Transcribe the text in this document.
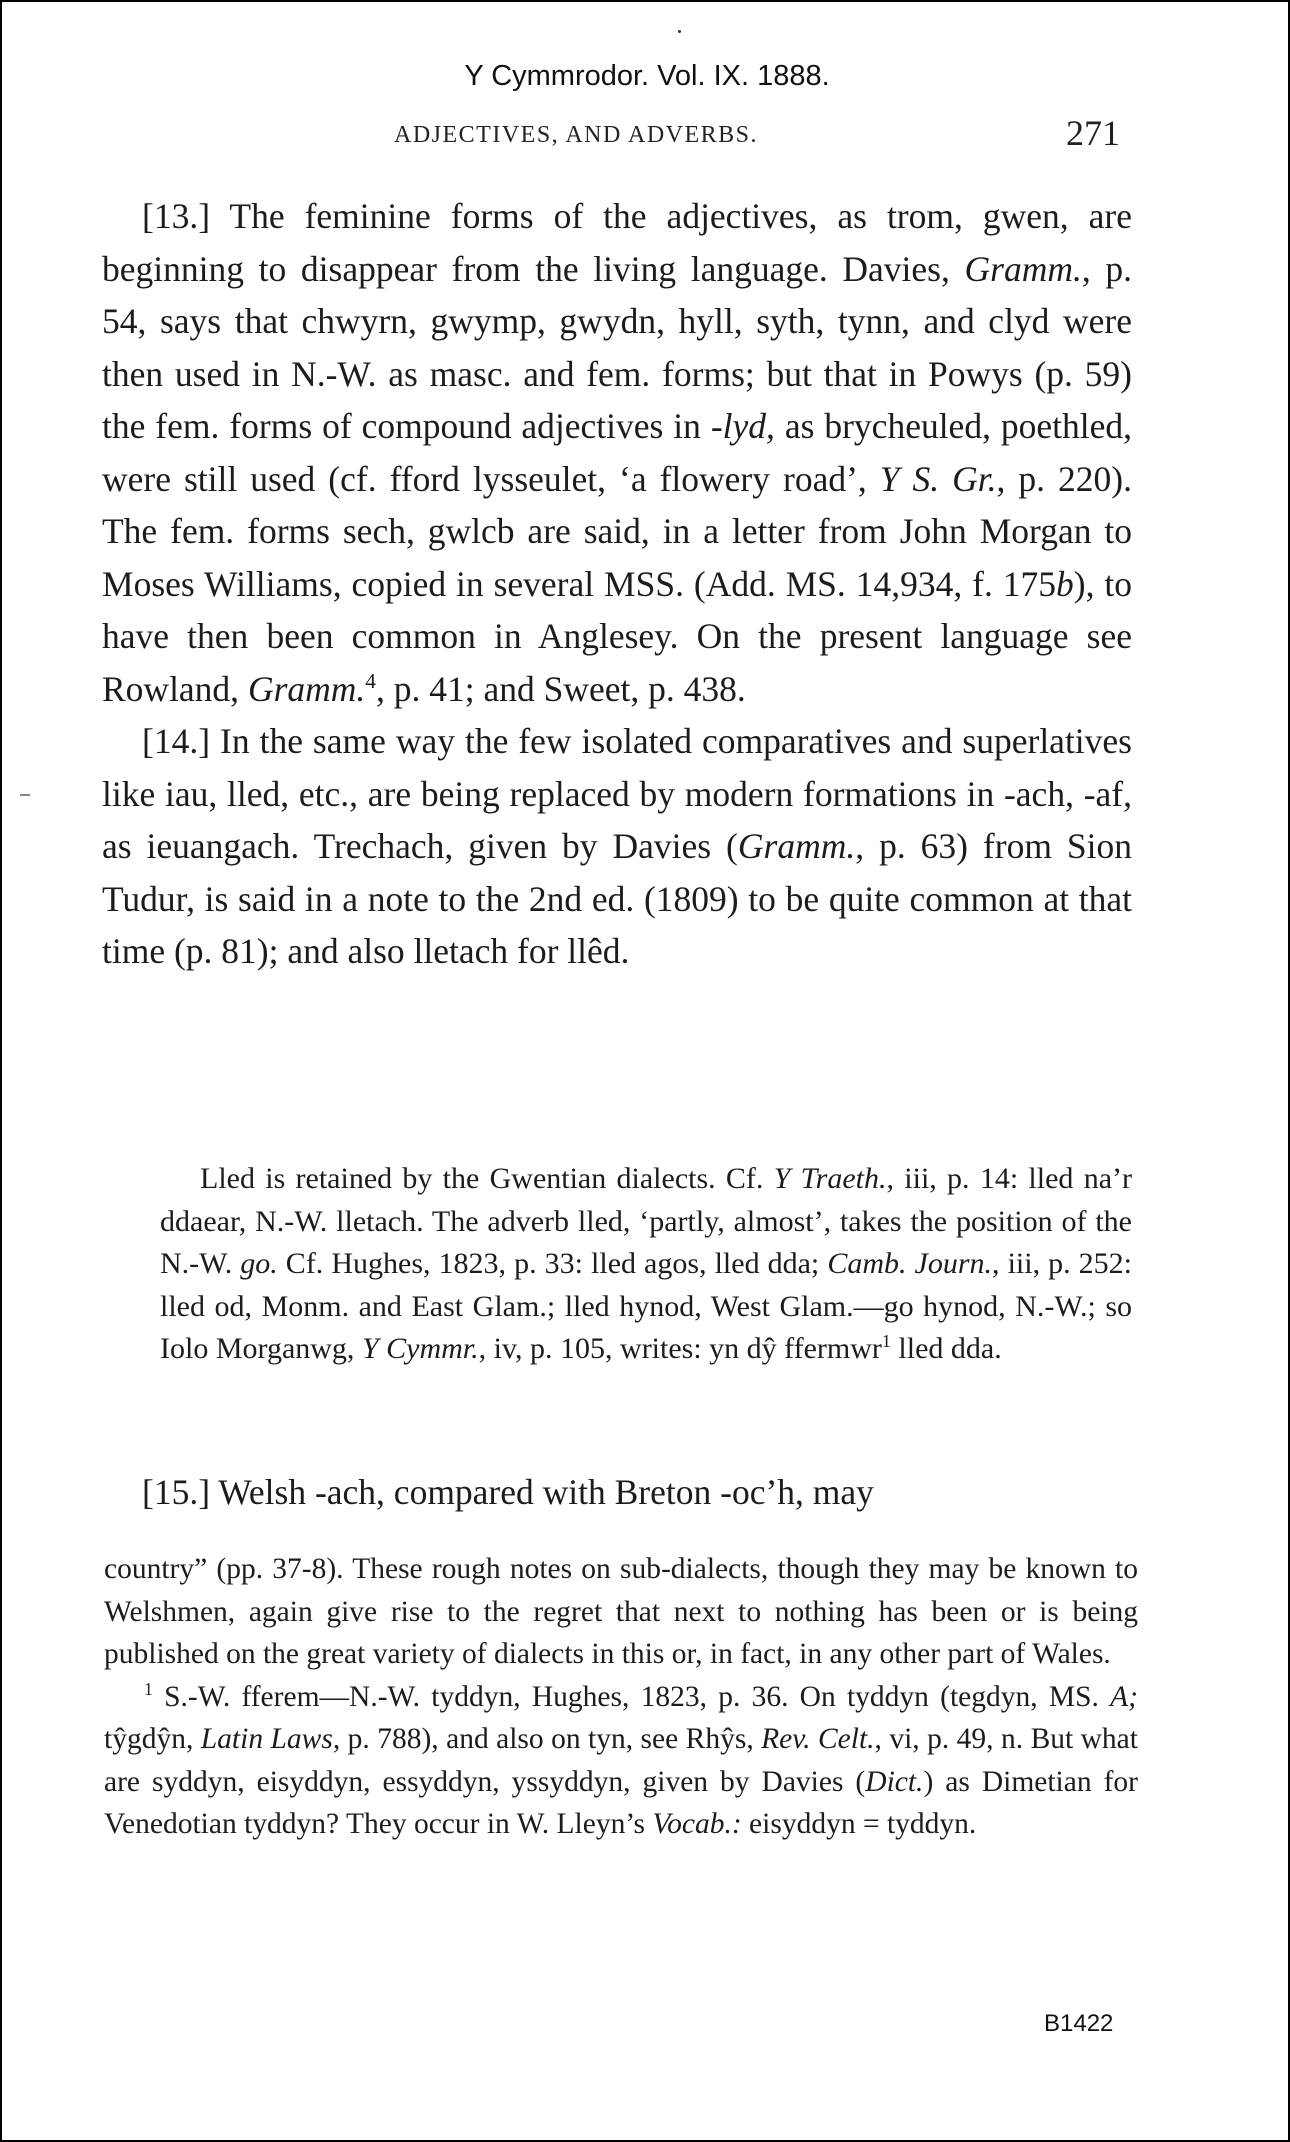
Y Cymmrodor. Vol. IX. 1888.
ADJECTIVES, AND ADVERBS.	271

[13.] The feminine forms of the adjectives, as trom, gwen, are beginning to disappear from the living language. Davies, Gramm., p. 54, says that chwyrn, gwymp, gwydn, hyll, syth, tynn, and clyd were then used in N.-W. as masc. and fem. forms; but that in Powys (p. 59) the fem. forms of compound adjectives in -lyd, as brycheuled, poethled, were still used (cf. fford lysseulet, ‘a flowery road’, Y S. Gr., p. 220). The fem. forms sech, gwlcb are said, in a letter from John Morgan to Moses Williams, copied in several MSS. (Add. MS. 14,934, f. 175b), to have then been common in Anglesey. On the present language see Rowland, Gramm.$^4$, p. 41; and Sweet, p. 438.

[14.] In the same way the few isolated comparatives and superlatives like iau, lled, etc., are being replaced by modern formations in -ach, -af, as ieuangach. Trechach, given by Davies (Gramm., p. 63) from Sion Tudur, is said in a note to the 2nd ed. (1809) to be quite common at that time (p. 81); and also lletach for llêd.

Lled is retained by the Gwentian dialects. Cf. Y Traeth., iii, p. 14: lled na’r ddaear, N.-W. lletach. The adverb lled, ‘partly, almost’, takes the position of the N.-W. go. Cf. Hughes, 1823, p. 33: lled agos, lled dda; Camb. Journ., iii, p. 252: lled od, Monm. and East Glam.; lled hynod, West Glam.—go hynod, N.-W.; so Iolo Morganwg, Y Cymmr., iv, p. 105, writes: yn dŷ ffermwr$^1$ lled dda.

[15.] Welsh -ach, compared with Breton -oc’h, may

country” (pp. 37-8). These rough notes on sub-dialects, though they may be known to Welshmen, again give rise to the regret that next to nothing has been or is being published on the great variety of dialects in this or, in fact, in any other part of Wales.

$^1$ S.-W. fferem—N.-W. tyddyn, Hughes, 1823, p. 36. On tyddyn (tegdyn, MS. A; tŷgdŷn, Latin Laws, p. 788), and also on tyn, see Rhŷs, Rev. Celt., vi, p. 49, n. But what are syddyn, eisyddyn, essyddyn, yssyddyn, given by Davies (Dict.) as Dimetian for Venedotian tyddyn? They occur in W. Lleyn’s Vocab.: eisyddyn = tyddyn.

B1422
